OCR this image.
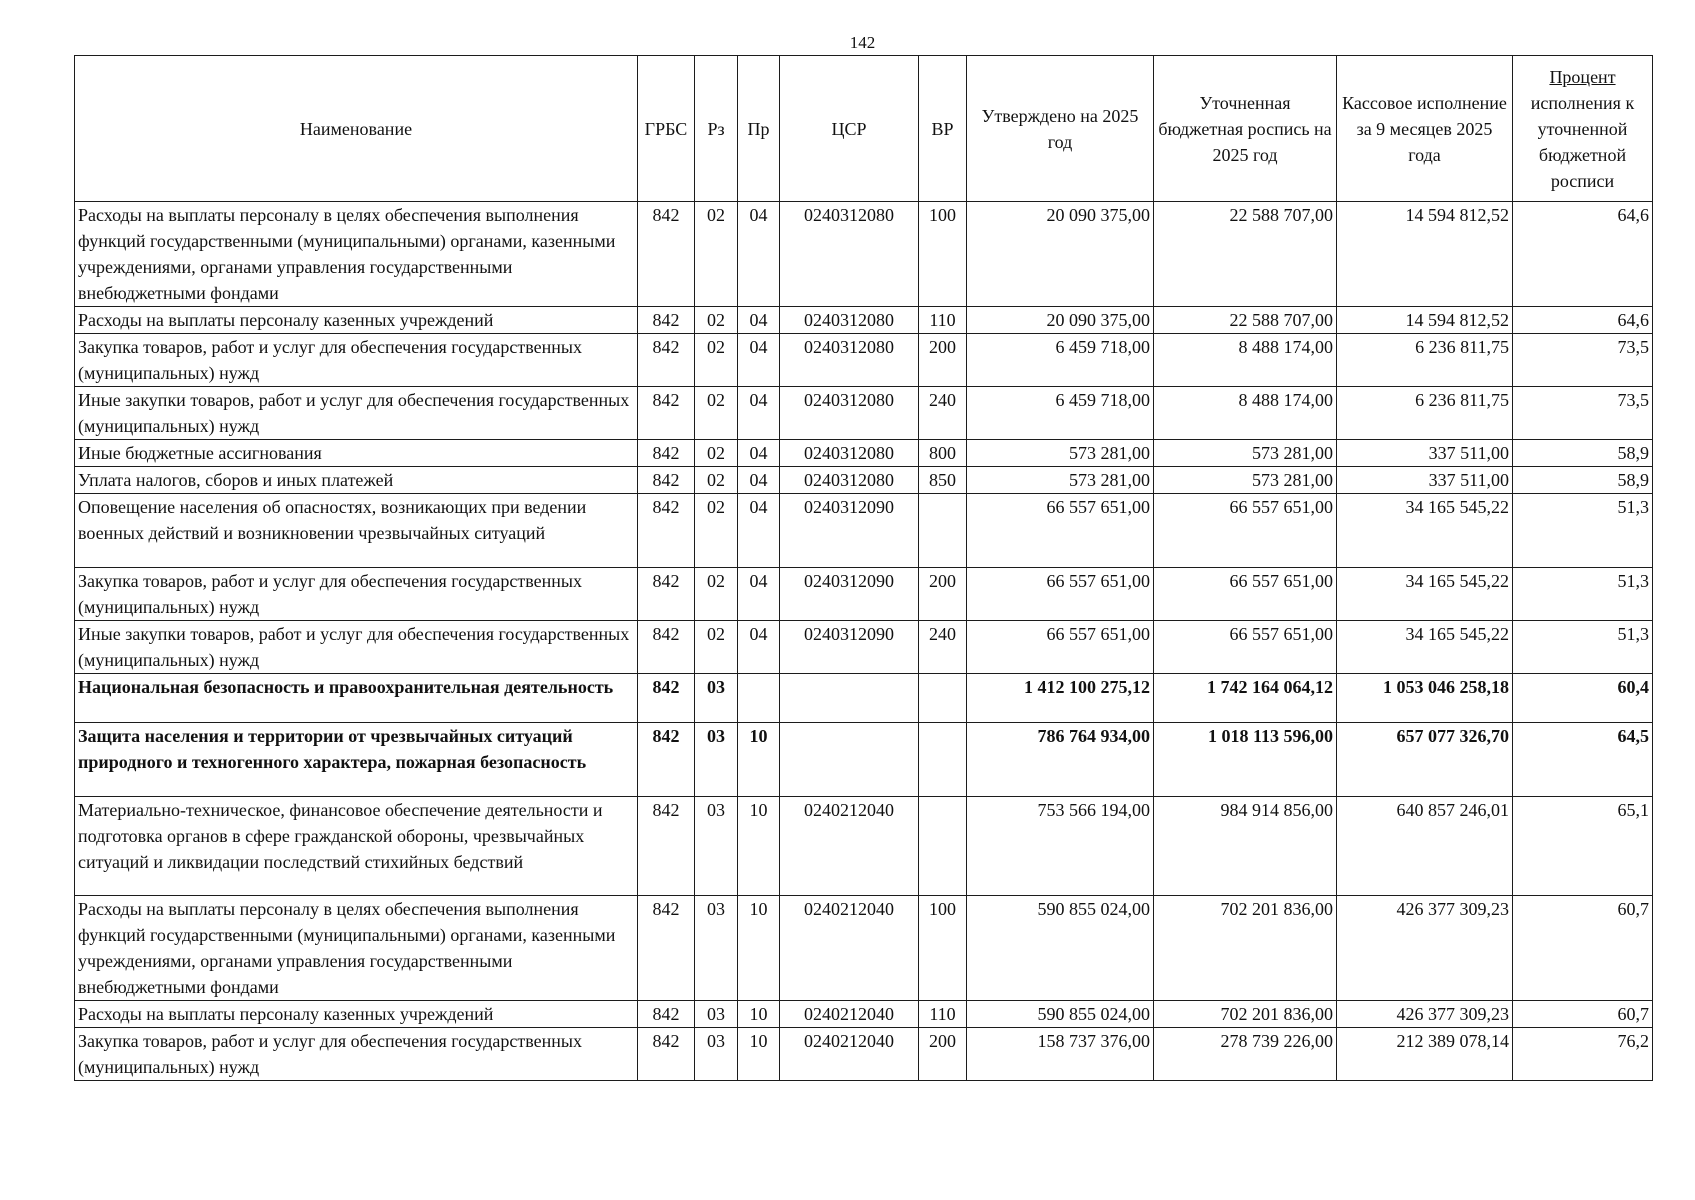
142
Наименование	ГРБС	Рз	Пр	ЦСР	ВР	Утверждено на 2025 год	Уточненная бюджетная роспись на 2025 год	Кассовое исполнение за 9 месяцев 2025 года	Процент
исполнения к уточненной бюджетной росписи
Расходы на выплаты персоналу в целях обеспечения выполнения функций государственными (муниципальными) органами, казенными учреждениями, органами управления государственными внебюджетными фондами	842	02	04	0240312080	100	20 090 375,00	22 588 707,00	14 594 812,52	64,6
Расходы на выплаты персоналу казенных учреждений	842	02	04	0240312080	110	20 090 375,00	22 588 707,00	14 594 812,52	64,6
Закупка товаров, работ и услуг для обеспечения государственных (муниципальных) нужд	842	02	04	0240312080	200	6 459 718,00	8 488 174,00	6 236 811,75	73,5
Иные закупки товаров, работ и услуг для обеспечения государственных (муниципальных) нужд	842	02	04	0240312080	240	6 459 718,00	8 488 174,00	6 236 811,75	73,5
Иные бюджетные ассигнования	842	02	04	0240312080	800	573 281,00	573 281,00	337 511,00	58,9
Уплата налогов, сборов и иных платежей	842	02	04	0240312080	850	573 281,00	573 281,00	337 511,00	58,9
Оповещение населения об опасностях, возникающих при ведении военных действий и возникновении чрезвычайных ситуаций	842	02	04	0240312090		66 557 651,00	66 557 651,00	34 165 545,22	51,3
Закупка товаров, работ и услуг для обеспечения государственных (муниципальных) нужд	842	02	04	0240312090	200	66 557 651,00	66 557 651,00	34 165 545,22	51,3
Иные закупки товаров, работ и услуг для обеспечения государственных (муниципальных) нужд	842	02	04	0240312090	240	66 557 651,00	66 557 651,00	34 165 545,22	51,3
Национальная безопасность и правоохранительная деятельность	842	03				1 412 100 275,12	1 742 164 064,12	1 053 046 258,18	60,4
Защита населения и территории от чрезвычайных ситуаций природного и техногенного характера, пожарная безопасность	842	03	10			786 764 934,00	1 018 113 596,00	657 077 326,70	64,5
Материально-техническое, финансовое обеспечение деятельности и подготовка органов в сфере гражданской обороны, чрезвычайных ситуаций и ликвидации последствий стихийных бедствий	842	03	10	0240212040		753 566 194,00	984 914 856,00	640 857 246,01	65,1
Расходы на выплаты персоналу в целях обеспечения выполнения функций государственными (муниципальными) органами, казенными учреждениями, органами управления государственными внебюджетными фондами	842	03	10	0240212040	100	590 855 024,00	702 201 836,00	426 377 309,23	60,7
Расходы на выплаты персоналу казенных учреждений	842	03	10	0240212040	110	590 855 024,00	702 201 836,00	426 377 309,23	60,7
Закупка товаров, работ и услуг для обеспечения государственных (муниципальных) нужд	842	03	10	0240212040	200	158 737 376,00	278 739 226,00	212 389 078,14	76,2
